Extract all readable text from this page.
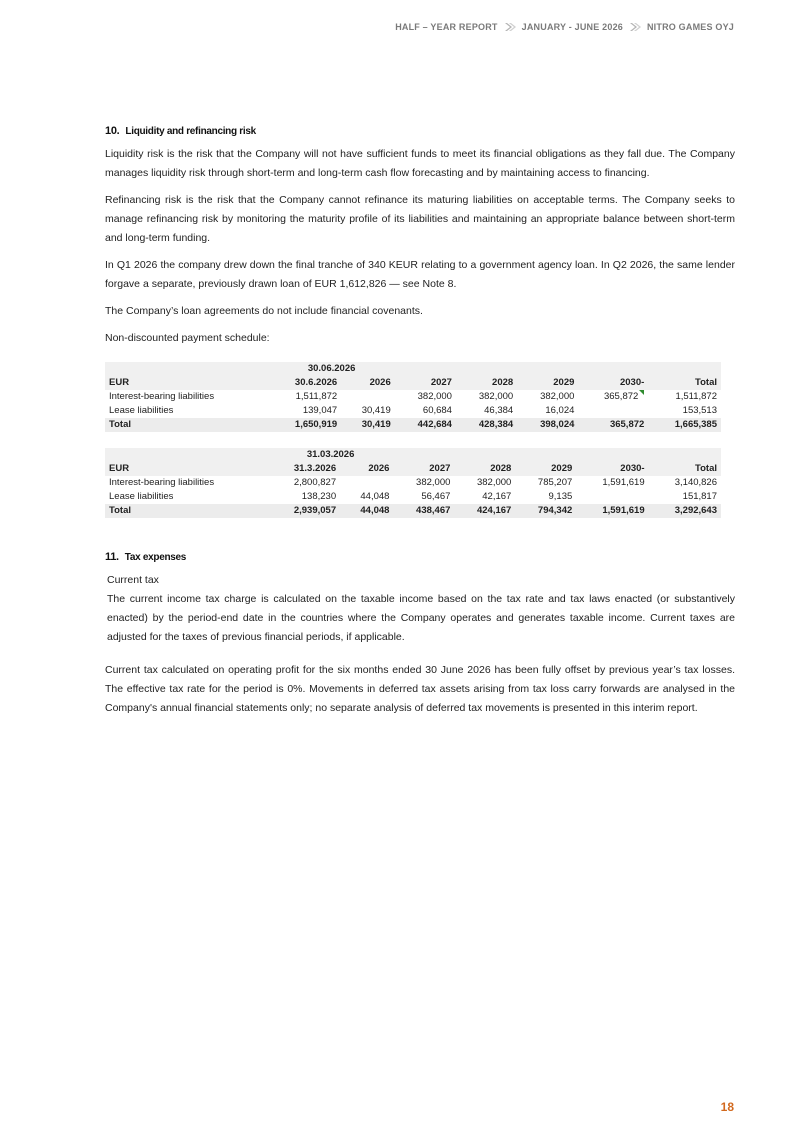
HALF – YEAR REPORT	JANUARY - JUNE 2026	NITRO GAMES OYJ
10. Liquidity and refinancing risk

Liquidity risk is the risk that the Company will not have sufficient funds to meet its financial obligations as they fall due. The Company manages liquidity risk through short-term and long-term cash flow forecasting and by maintaining access to financing.

Refinancing risk is the risk that the Company cannot refinance its maturing liabilities on acceptable terms. The Company seeks to manage refinancing risk by monitoring the maturity profile of its liabilities and maintaining an appropriate balance between short-term and long-term funding.

In Q1 2026 the company drew down the final tranche of 340 KEUR relating to a government agency loan. In Q2 2026, the same lender forgave a separate, previously drawn loan of EUR 1,612,826 — see Note 8.

The Company’s loan agreements do not include financial covenants.

Non-discounted payment schedule:

	30.06.2026						
EUR	30.6.2026	2026	2027	2028	2029	2030-	Total
Interest-bearing liabilities	1,511,872		382,000	382,000	382,000	365,872	1,511,872
Lease liabilities	139,047	30,419	60,684	46,384	16,024		153,513
Total	1,650,919	30,419	442,684	428,384	398,024	365,872	1,665,385
	31.03.2026						
EUR	31.3.2026	2026	2027	2028	2029	2030-	Total
Interest-bearing liabilities	2,800,827		382,000	382,000	785,207	1,591,619	3,140,826
Lease liabilities	138,230	44,048	56,467	42,167	9,135		151,817
Total	2,939,057	44,048	438,467	424,167	794,342	1,591,619	3,292,643
11. Tax expenses

Current tax

The current income tax charge is calculated on the taxable income based on the tax rate and tax laws enacted (or substantively enacted) by the period-end date in the countries where the Company operates and generates taxable income. Current taxes are adjusted for the taxes of previous financial periods, if applicable.

Current tax calculated on operating profit for the six months ended 30 June 2026 has been fully offset by previous year’s tax losses. The effective tax rate for the period is 0%. Movements in deferred tax assets arising from tax loss carry forwards are analysed in the Company's annual financial statements only; no separate analysis of deferred tax movements is presented in this interim report.

18
